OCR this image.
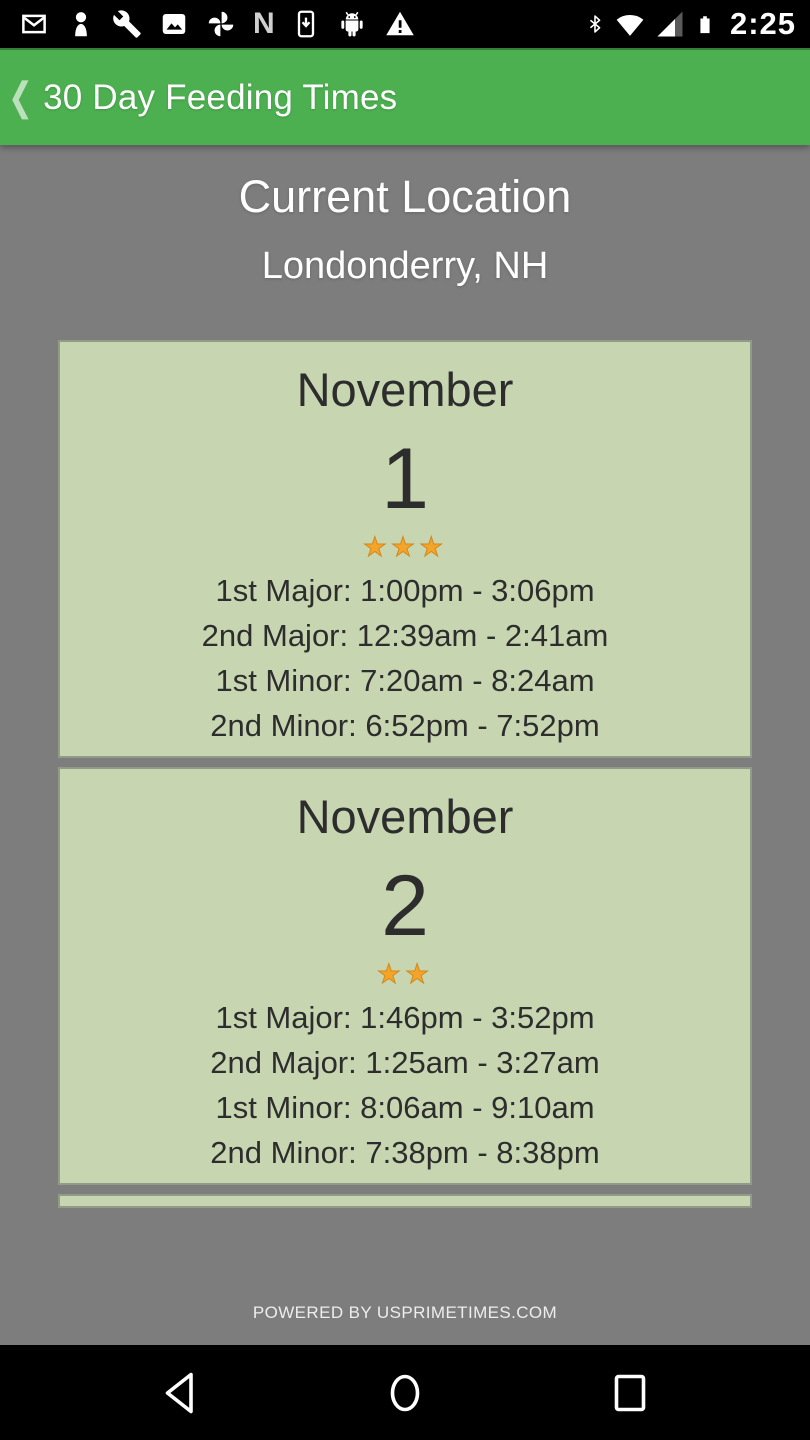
N	2:25
❮ 30 Day Feeding Times
Current Location
Londonderry, NH
November
1
★★★
1st Major: 1:00pm - 3:06pm
2nd Major: 12:39am - 2:41am
1st Minor: 7:20am - 8:24am
2nd Minor: 6:52pm - 7:52pm
November
2
★★
1st Major: 1:46pm - 3:52pm
2nd Major: 1:25am - 3:27am
1st Minor: 8:06am - 9:10am
2nd Minor: 7:38pm - 8:38pm
POWERED BY USPRIMETIMES.COM
